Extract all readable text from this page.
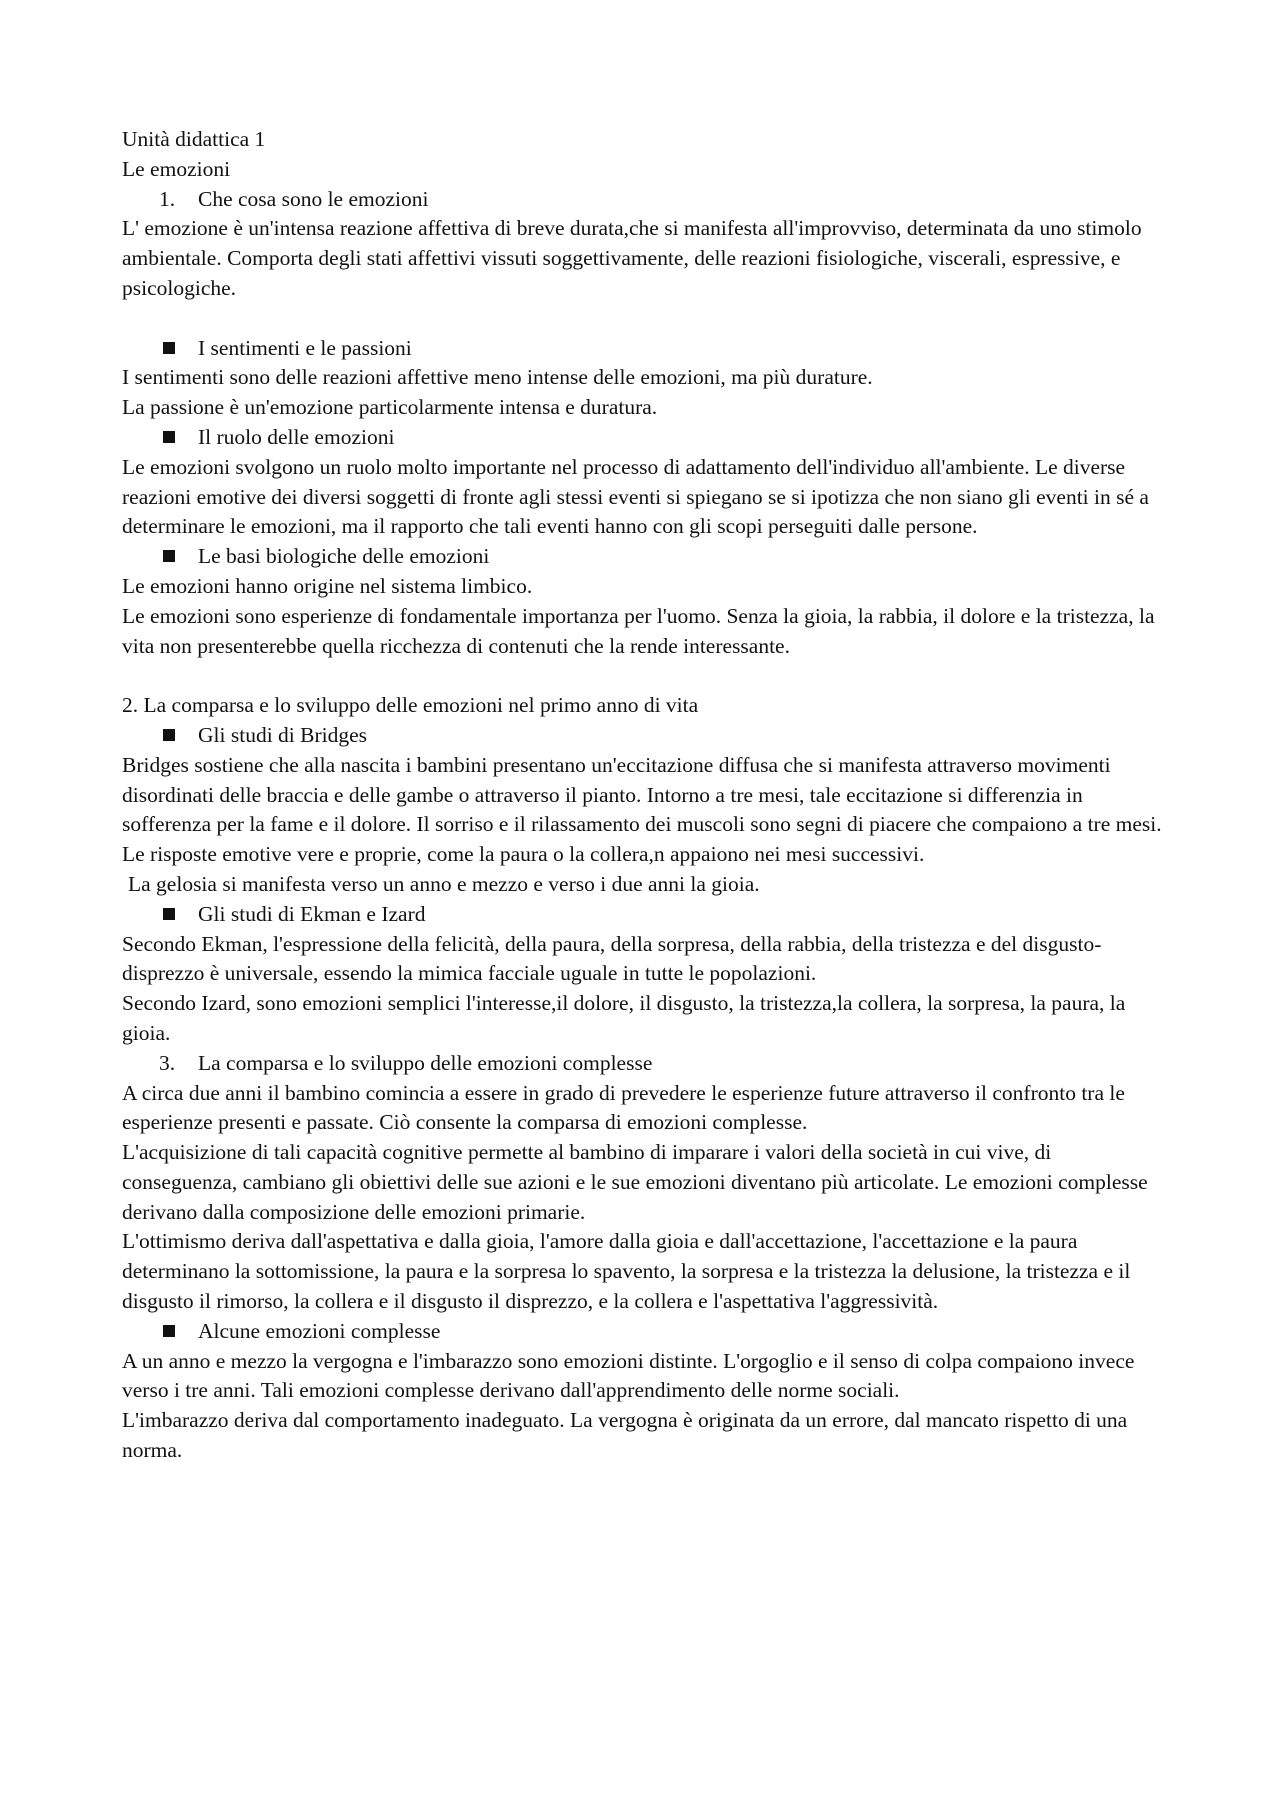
Unità didattica 1

Le emozioni

1.	Che cosa sono le emozioni

L' emozione è un'intensa reazione affettiva di breve durata,che si manifesta all'improvviso, determinata da uno stimolo ambientale. Comporta degli stati affettivi vissuti soggettivamente, delle reazioni fisiologiche, viscerali, espressive, e psicologiche.

I sentimenti e le passioni

I sentimenti sono delle reazioni affettive meno intense delle emozioni, ma più durature.

La passione è un'emozione particolarmente intensa e duratura.

Il ruolo delle emozioni

Le emozioni svolgono un ruolo molto importante nel processo di adattamento dell'individuo all'ambiente. Le diverse reazioni emotive dei diversi soggetti di fronte agli stessi eventi si spiegano se si ipotizza che non siano gli eventi in sé a determinare le emozioni, ma il rapporto che tali eventi hanno con gli scopi perseguiti dalle persone.

Le basi biologiche delle emozioni

Le emozioni hanno origine nel sistema limbico.

Le emozioni sono esperienze di fondamentale importanza per l'uomo. Senza la gioia, la rabbia, il dolore e la tristezza, la vita non presenterebbe quella ricchezza di contenuti che la rende interessante.

2. La comparsa e lo sviluppo delle emozioni nel primo anno di vita

Gli studi di Bridges

Bridges sostiene che alla nascita i bambini presentano un'eccitazione diffusa che si manifesta attraverso movimenti disordinati delle braccia e delle gambe o attraverso il pianto. Intorno a tre mesi, tale eccitazione si differenzia in sofferenza per la fame e il dolore. Il sorriso e il rilassamento dei muscoli sono segni di piacere che compaiono a tre mesi.

Le risposte emotive vere e proprie, come la paura o la collera,n appaiono nei mesi successivi.

La gelosia si manifesta verso un anno e mezzo e verso i due anni la gioia.

Gli studi di Ekman e Izard

Secondo Ekman, l'espressione della felicità, della paura, della sorpresa, della rabbia, della tristezza e del disgusto-disprezzo è universale, essendo la mimica facciale uguale in tutte le popolazioni.

Secondo Izard, sono emozioni semplici l'interesse,il dolore, il disgusto, la tristezza,la collera, la sorpresa, la paura, la gioia.

3.	La comparsa e lo sviluppo delle emozioni complesse

A circa due anni il bambino comincia a essere in grado di prevedere le esperienze future attraverso il confronto tra le esperienze presenti e passate. Ciò consente la comparsa di emozioni complesse.

L'acquisizione di tali capacità cognitive permette al bambino di imparare i valori della società in cui vive, di conseguenza, cambiano gli obiettivi delle sue azioni e le sue emozioni diventano più articolate. Le emozioni complesse derivano dalla composizione delle emozioni primarie.

L'ottimismo deriva dall'aspettativa e dalla gioia, l'amore dalla gioia e dall'accettazione, l'accettazione e la paura determinano la sottomissione, la paura e la sorpresa lo spavento, la sorpresa e la tristezza la delusione, la tristezza e il disgusto il rimorso, la collera e il disgusto il disprezzo, e la collera e l'aspettativa l'aggressività.

Alcune emozioni complesse

A un anno e mezzo la vergogna e l'imbarazzo sono emozioni distinte. L'orgoglio e il senso di colpa compaiono invece verso i tre anni. Tali emozioni complesse derivano dall'apprendimento delle norme sociali.

L'imbarazzo deriva dal comportamento inadeguato. La vergogna è originata da un errore, dal mancato rispetto di una norma.
